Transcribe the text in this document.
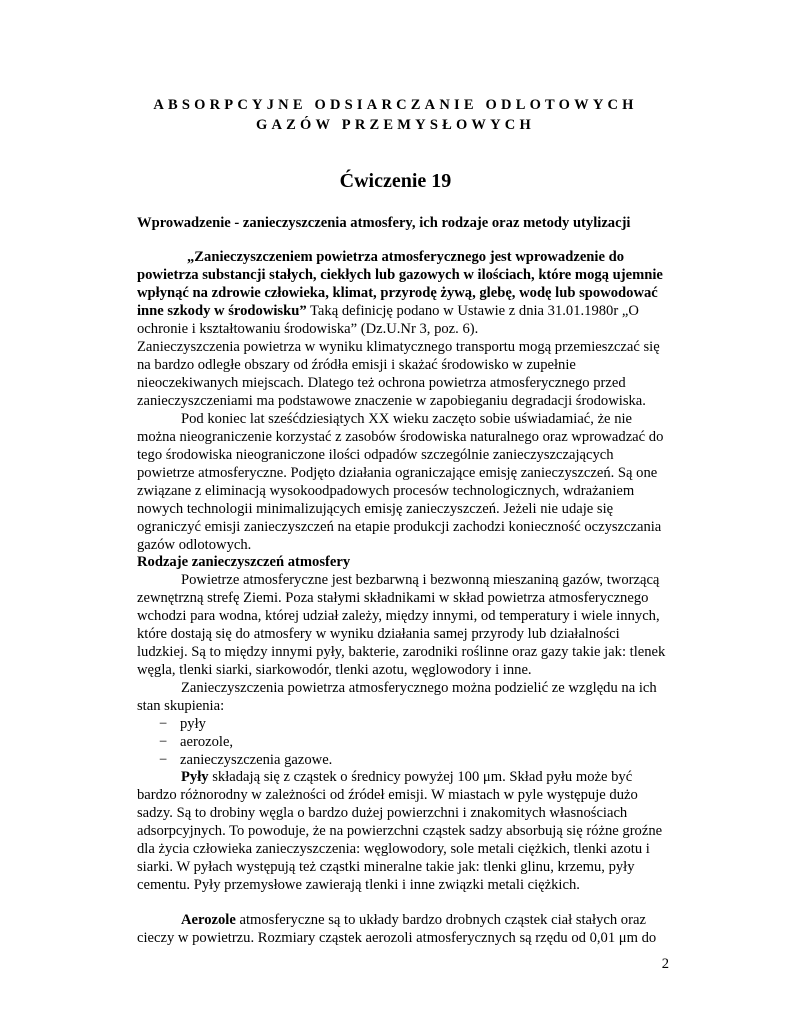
ABSORPCYJNE ODSIARCZANIE ODLOTOWYCH
GAZÓW PRZEMYSŁOWYCH
Ćwiczenie 19
Wprowadzenie - zanieczyszczenia atmosfery, ich rodzaje oraz metody utylizacji
„Zanieczyszczeniem powietrza atmosferycznego jest wprowadzenie do
powietrza substancji stałych, ciekłych lub gazowych w ilościach, które mogą ujemnie
wpłynąć na zdrowie człowieka, klimat, przyrodę żywą, glebę, wodę lub spowodować
inne szkody w środowisku” Taką definicję podano w Ustawie z dnia 31.01.1980r „O
ochronie i kształtowaniu środowiska” (Dz.U.Nr 3, poz. 6).
Zanieczyszczenia powietrza w wyniku klimatycznego transportu mogą przemieszczać się
na bardzo odległe obszary od źródła emisji i skażać środowisko w zupełnie
nieoczekiwanych miejscach. Dlatego też ochrona powietrza atmosferycznego przed
zanieczyszczeniami ma podstawowe znaczenie w zapobieganiu degradacji środowiska.
Pod koniec lat sześćdziesiątych XX wieku zaczęto sobie uświadamiać, że nie
można nieograniczenie korzystać z zasobów środowiska naturalnego oraz wprowadzać do
tego środowiska nieograniczone ilości odpadów szczególnie zanieczyszczających
powietrze atmosferyczne. Podjęto działania ograniczające emisję zanieczyszczeń. Są one
związane z eliminacją wysokoodpadowych procesów technologicznych, wdrażaniem
nowych technologii minimalizujących emisję zanieczyszczeń. Jeżeli nie udaje się
ograniczyć emisji zanieczyszczeń na etapie produkcji zachodzi konieczność oczyszczania
gazów odlotowych.
Rodzaje zanieczyszczeń atmosfery
Powietrze atmosferyczne jest bezbarwną i bezwonną mieszaniną gazów, tworzącą
zewnętrzną strefę Ziemi. Poza stałymi składnikami w skład powietrza atmosferycznego
wchodzi para wodna, której udział zależy, między innymi, od temperatury i wiele innych,
które dostają się do atmosfery w wyniku działania samej przyrody lub działalności
ludzkiej. Są to między innymi pyły, bakterie, zarodniki roślinne oraz gazy takie jak: tlenek
węgla, tlenki siarki, siarkowodór, tlenki azotu, węglowodory i inne.
Zanieczyszczenia powietrza atmosferycznego można podzielić ze względu na ich
stan skupienia:
− pyły
− aerozole,
− zanieczyszczenia gazowe.
Pyły składają się z cząstek o średnicy powyżej 100 μm. Skład pyłu może być
bardzo różnorodny w zależności od źródeł emisji. W miastach w pyle występuje dużo
sadzy. Są to drobiny węgla o bardzo dużej powierzchni i znakomitych własnościach
adsorpcyjnych. To powoduje, że na powierzchni cząstek sadzy absorbują się różne groźne
dla życia człowieka zanieczyszczenia: węglowodory, sole metali ciężkich, tlenki azotu i
siarki. W pyłach występują też cząstki mineralne takie jak: tlenki glinu, krzemu, pyły
cementu. Pyły przemysłowe zawierają tlenki i inne związki metali ciężkich.
Aerozole atmosferyczne są to układy bardzo drobnych cząstek ciał stałych oraz
cieczy w powietrzu. Rozmiary cząstek aerozoli atmosferycznych są rzędu od 0,01 μm do
2
